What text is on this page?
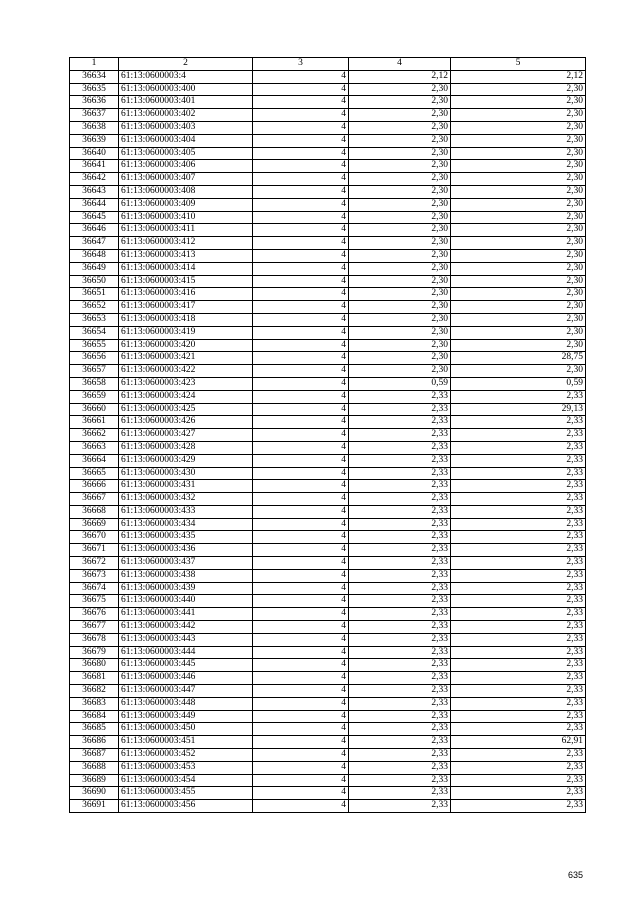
1	2	3	4	5
36634	61:13:0600003:4	4	2,12	2,12
36635	61:13:0600003:400	4	2,30	2,30
36636	61:13:0600003:401	4	2,30	2,30
36637	61:13:0600003:402	4	2,30	2,30
36638	61:13:0600003:403	4	2,30	2,30
36639	61:13:0600003:404	4	2,30	2,30
36640	61:13:0600003:405	4	2,30	2,30
36641	61:13:0600003:406	4	2,30	2,30
36642	61:13:0600003:407	4	2,30	2,30
36643	61:13:0600003:408	4	2,30	2,30
36644	61:13:0600003:409	4	2,30	2,30
36645	61:13:0600003:410	4	2,30	2,30
36646	61:13:0600003:411	4	2,30	2,30
36647	61:13:0600003:412	4	2,30	2,30
36648	61:13:0600003:413	4	2,30	2,30
36649	61:13:0600003:414	4	2,30	2,30
36650	61:13:0600003:415	4	2,30	2,30
36651	61:13:0600003:416	4	2,30	2,30
36652	61:13:0600003:417	4	2,30	2,30
36653	61:13:0600003:418	4	2,30	2,30
36654	61:13:0600003:419	4	2,30	2,30
36655	61:13:0600003:420	4	2,30	2,30
36656	61:13:0600003:421	4	2,30	28,75
36657	61:13:0600003:422	4	2,30	2,30
36658	61:13:0600003:423	4	0,59	0,59
36659	61:13:0600003:424	4	2,33	2,33
36660	61:13:0600003:425	4	2,33	29,13
36661	61:13:0600003:426	4	2,33	2,33
36662	61:13:0600003:427	4	2,33	2,33
36663	61:13:0600003:428	4	2,33	2,33
36664	61:13:0600003:429	4	2,33	2,33
36665	61:13:0600003:430	4	2,33	2,33
36666	61:13:0600003:431	4	2,33	2,33
36667	61:13:0600003:432	4	2,33	2,33
36668	61:13:0600003:433	4	2,33	2,33
36669	61:13:0600003:434	4	2,33	2,33
36670	61:13:0600003:435	4	2,33	2,33
36671	61:13:0600003:436	4	2,33	2,33
36672	61:13:0600003:437	4	2,33	2,33
36673	61:13:0600003:438	4	2,33	2,33
36674	61:13:0600003:439	4	2,33	2,33
36675	61:13:0600003:440	4	2,33	2,33
36676	61:13:0600003:441	4	2,33	2,33
36677	61:13:0600003:442	4	2,33	2,33
36678	61:13:0600003:443	4	2,33	2,33
36679	61:13:0600003:444	4	2,33	2,33
36680	61:13:0600003:445	4	2,33	2,33
36681	61:13:0600003:446	4	2,33	2,33
36682	61:13:0600003:447	4	2,33	2,33
36683	61:13:0600003:448	4	2,33	2,33
36684	61:13:0600003:449	4	2,33	2,33
36685	61:13:0600003:450	4	2,33	2,33
36686	61:13:0600003:451	4	2,33	62,91
36687	61:13:0600003:452	4	2,33	2,33
36688	61:13:0600003:453	4	2,33	2,33
36689	61:13:0600003:454	4	2,33	2,33
36690	61:13:0600003:455	4	2,33	2,33
36691	61:13:0600003:456	4	2,33	2,33
635
